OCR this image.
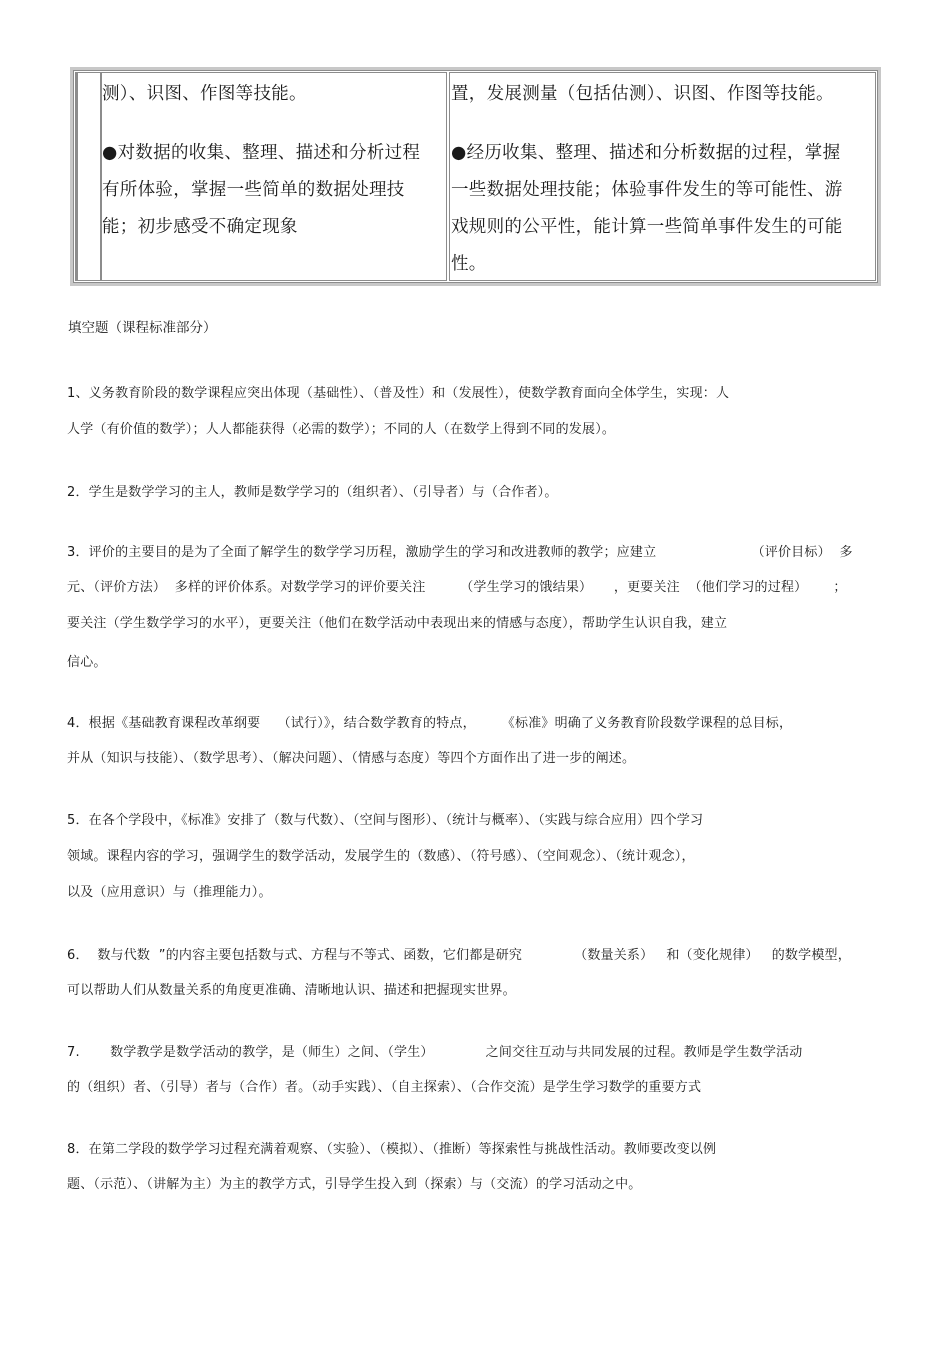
测）、识图、作图等技能。

●对数据的收集、整理、描述和分析过程

有所体验，掌握一些简单的数据处理技

能；初步感受不确定现象

置，发展测量（包括估测）、识图、作图等技能。

●经历收集、整理、描述和分析数据的过程，掌握

一些数据处理技能；体验事件发生的等可能性、游

戏规则的公平性，能计算一些简单事件发生的可能

性。

填空题（课程标准部分）
1、义务教育阶段的数学课程应突出体现（基础性）、（普及性）和（发展性），使数学教育面向全体学生，实现：人
人学（有价值的数学）；人人都能获得（必需的数学）；不同的人（在数学上得到不同的发展）。
2．学生是数学学习的主人，教师是数学学习的（组织者）、（引导者）与（合作者）。
3．评价的主要目的是为了全面了解学生的数学学习历程，激励学生的学习和改进教师的教学；应建立                      （评价目标）  多
元、（评价方法）  多样的评价体系。对数学学习的评价要关注        （学生学习的饿结果）     ，更要关注  （他们学习的过程）      ；
要关注（学生数学学习的水平），更要关注（他们在数学活动中表现出来的情感与态度），帮助学生认识自我，建立
信心。
4．根据《基础教育课程改革纲要    （试行）》，结合数学教育的特点，      《标准》明确了义务教育阶段数学课程的总目标，
并从（知识与技能）、（数学思考）、（解决问题）、（情感与态度）等四个方面作出了进一步的阐述。
5．在各个学段中，《标准》安排了（数与代数）、（空间与图形）、（统计与概率）、（实践与综合应用）四个学习
领域。课程内容的学习，强调学生的数学活动，发展学生的（数感）、（符号感）、（空间观念）、（统计观念），
以及（应用意识）与（推理能力）。
6．  数与代数  ”的内容主要包括数与式、方程与不等式、函数，它们都是研究            （数量关系）   和（变化规律）   的数学模型，
可以帮助人们从数量关系的角度更准确、清晰地认识、描述和把握现实世界。
7.       数学教学是数学活动的教学，是（师生）之间、（学生）            之间交往互动与共同发展的过程。教师是学生数学活动
的（组织）者、（引导）者与（合作）者。（动手实践）、（自主探索）、（合作交流）是学生学习数学的重要方式
8．在第二学段的数学学习过程充满着观察、（实验）、（模拟）、（推断）等探索性与挑战性活动。教师要改变以例
题、（示范）、（讲解为主）为主的教学方式，引导学生投入到（探索）与（交流）的学习活动之中。
